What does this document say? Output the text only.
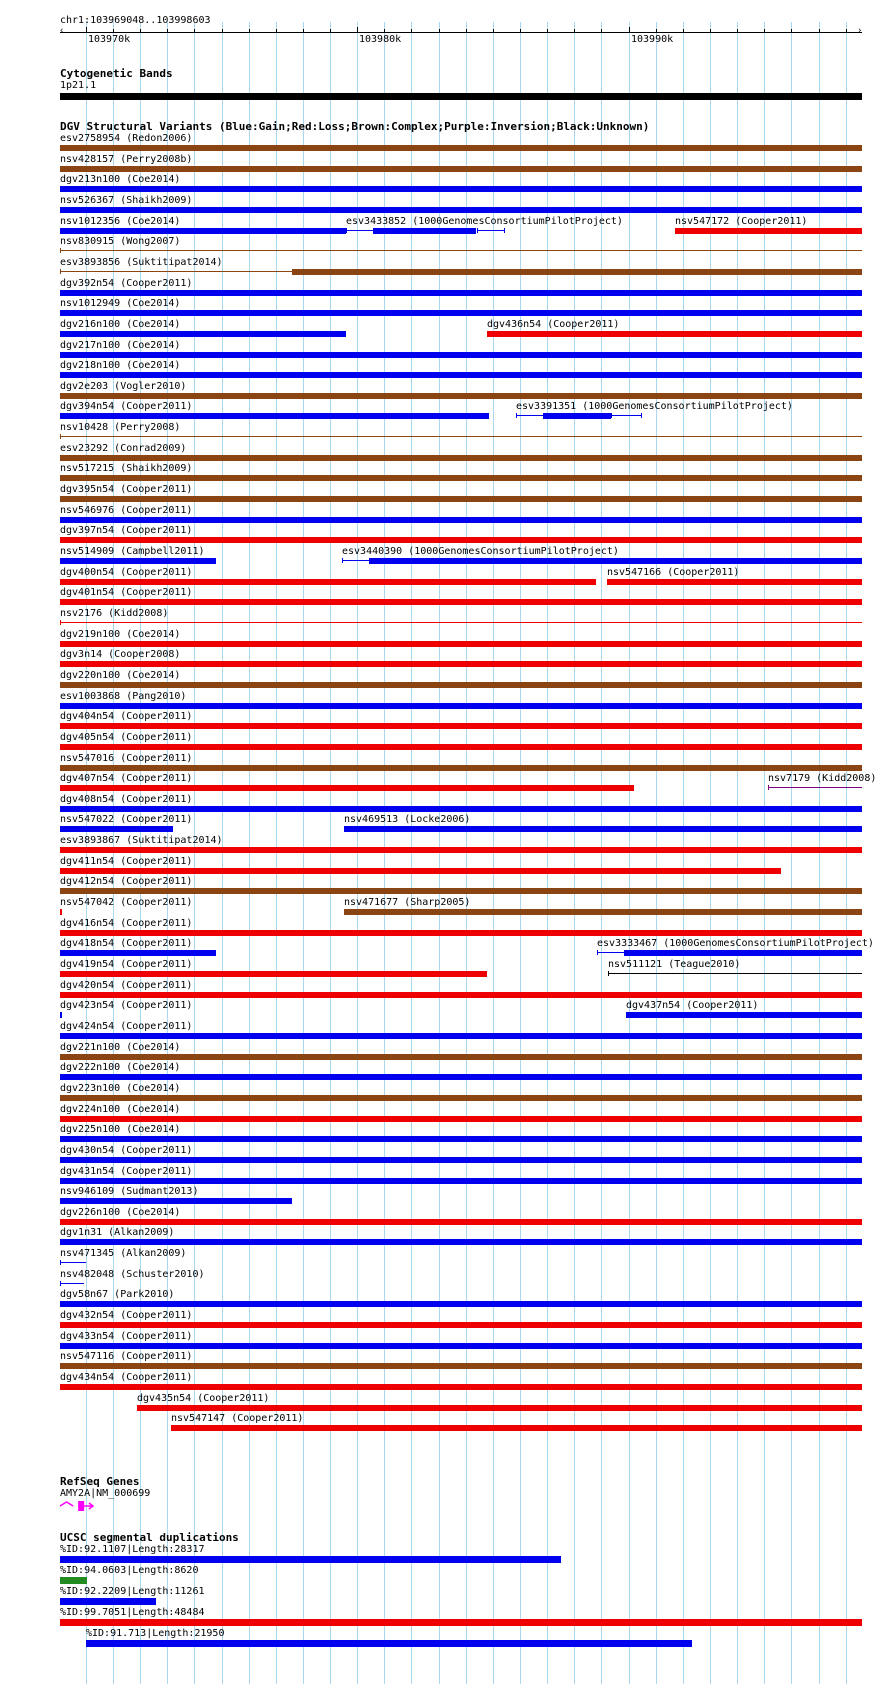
chr1:103969048..103998603
‹	›
103970k	103980k	103990k
Cytogenetic Bands
1p21.1
DGV Structural Variants (Blue:Gain;Red:Loss;Brown:Complex;Purple:Inversion;Black:Unknown)
esv2758954 (Redon2006)
nsv428157 (Perry2008b)
dgv213n100 (Coe2014)
nsv526367 (Shaikh2009)
nsv1012356 (Coe2014)	esv3433852 (1000GenomesConsortiumPilotProject)	nsv547172 (Cooper2011)
nsv830915 (Wong2007)
esv3893856 (Suktitipat2014)
dgv392n54 (Cooper2011)
nsv1012949 (Coe2014)
dgv216n100 (Coe2014)	dgv436n54 (Cooper2011)
dgv217n100 (Coe2014)
dgv218n100 (Coe2014)
dgv2e203 (Vogler2010)
dgv394n54 (Cooper2011)	esv3391351 (1000GenomesConsortiumPilotProject)
nsv10428 (Perry2008)
esv23292 (Conrad2009)
nsv517215 (Shaikh2009)
dgv395n54 (Cooper2011)
nsv546976 (Cooper2011)
dgv397n54 (Cooper2011)
nsv514909 (Campbell2011)	esv3440390 (1000GenomesConsortiumPilotProject)
dgv400n54 (Cooper2011)	nsv547166 (Cooper2011)
dgv401n54 (Cooper2011)
nsv2176 (Kidd2008)
dgv219n100 (Coe2014)
dgv3n14 (Cooper2008)
dgv220n100 (Coe2014)
esv1003868 (Pang2010)
dgv404n54 (Cooper2011)
dgv405n54 (Cooper2011)
nsv547016 (Cooper2011)
dgv407n54 (Cooper2011)	nsv7179 (Kidd2008)
dgv408n54 (Cooper2011)
nsv547022 (Cooper2011)	nsv469513 (Locke2006)
esv3893867 (Suktitipat2014)
dgv411n54 (Cooper2011)
dgv412n54 (Cooper2011)
nsv547042 (Cooper2011)	nsv471677 (Sharp2005)
dgv416n54 (Cooper2011)
dgv418n54 (Cooper2011)	esv3333467 (1000GenomesConsortiumPilotProject)
dgv419n54 (Cooper2011)	nsv511121 (Teague2010)
dgv420n54 (Cooper2011)
dgv423n54 (Cooper2011)	dgv437n54 (Cooper2011)
dgv424n54 (Cooper2011)
dgv221n100 (Coe2014)
dgv222n100 (Coe2014)
dgv223n100 (Coe2014)
dgv224n100 (Coe2014)
dgv225n100 (Coe2014)
dgv430n54 (Cooper2011)
dgv431n54 (Cooper2011)
nsv946109 (Sudmant2013)
dgv226n100 (Coe2014)
dgv1n31 (Alkan2009)
nsv471345 (Alkan2009)
nsv482048 (Schuster2010)
dgv58n67 (Park2010)
dgv432n54 (Cooper2011)
dgv433n54 (Cooper2011)
nsv547116 (Cooper2011)
dgv434n54 (Cooper2011)
dgv435n54 (Cooper2011)
nsv547147 (Cooper2011)
RefSeq Genes
AMY2A|NM_000699
UCSC segmental duplications
%ID:92.1107|Length:28317
%ID:94.0603|Length:8620
%ID:92.2209|Length:11261
%ID:99.7051|Length:48484
%ID:91.713|Length:21950
